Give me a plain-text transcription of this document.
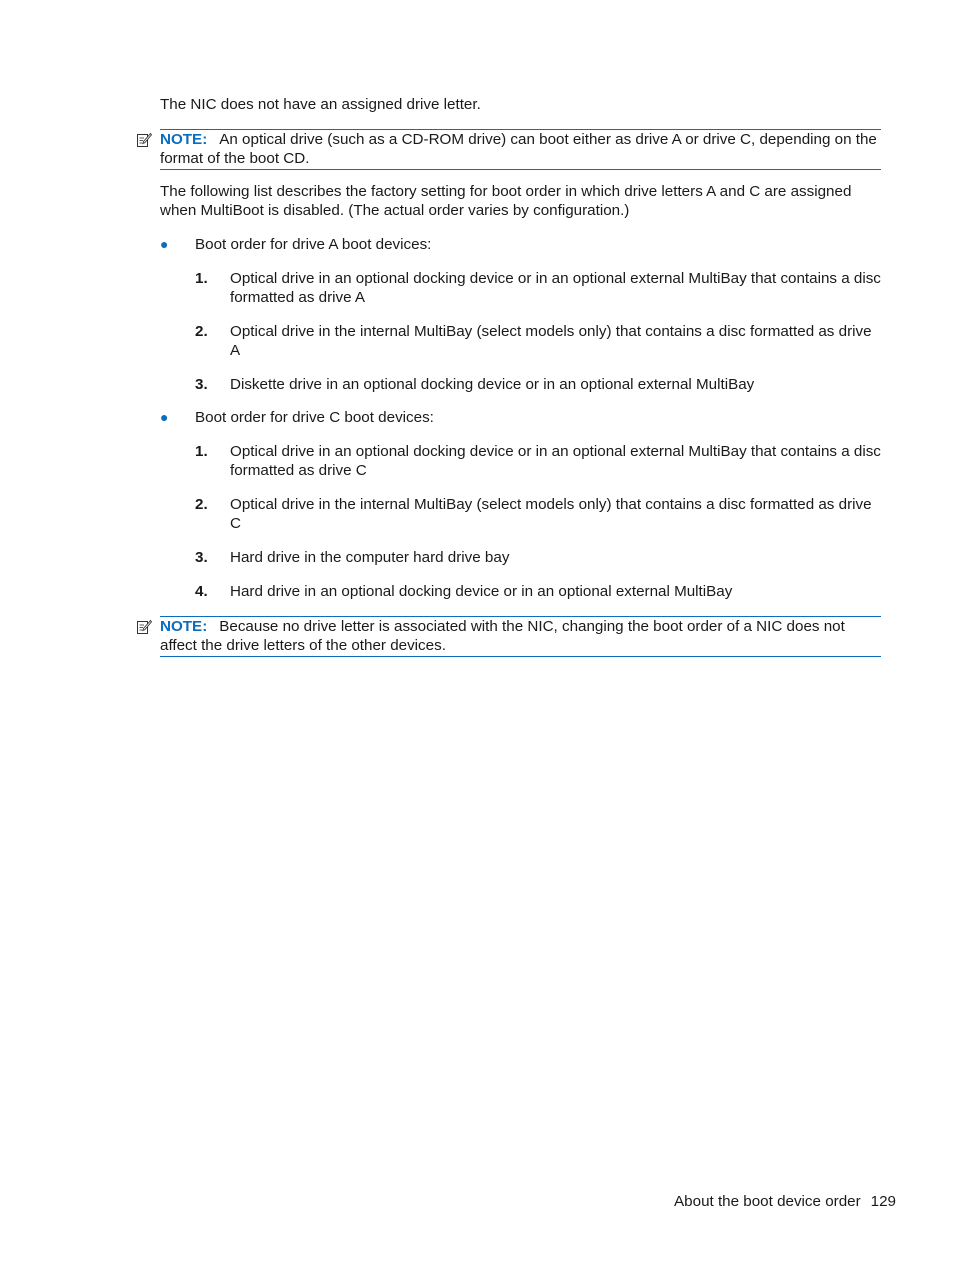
The NIC does not have an assigned drive letter.

NOTE: An optical drive (such as a CD-ROM drive) can boot either as drive A or drive C, depending on the format of the boot CD.

The following list describes the factory setting for boot order in which drive letters A and C are assigned when MultiBoot is disabled. (The actual order varies by configuration.)

● Boot order for drive A boot devices:
1. Optical drive in an optional docking device or in an optional external MultiBay that contains a disc formatted as drive A
2. Optical drive in the internal MultiBay (select models only) that contains a disc formatted as drive A
3. Diskette drive in an optional docking device or in an optional external MultiBay
● Boot order for drive C boot devices:
1. Optical drive in an optional docking device or in an optional external MultiBay that contains a disc formatted as drive C
2. Optical drive in the internal MultiBay (select models only) that contains a disc formatted as drive C
3. Hard drive in the computer hard drive bay
4. Hard drive in an optional docking device or in an optional external MultiBay
NOTE: Because no drive letter is associated with the NIC, changing the boot order of a NIC does not affect the drive letters of the other devices.
About the boot device order 129
